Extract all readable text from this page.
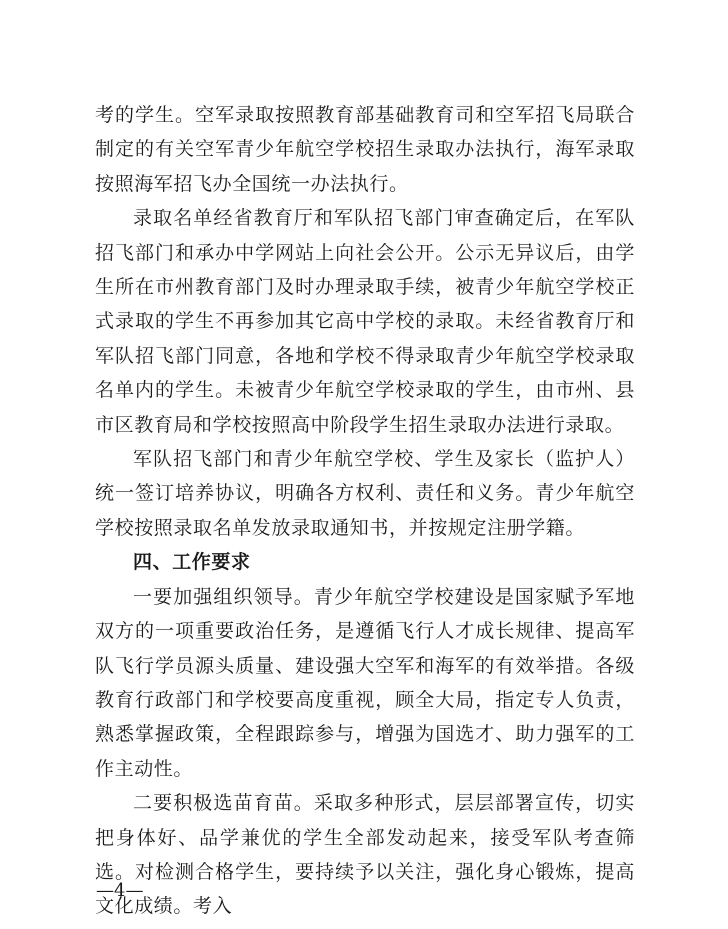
考的学生。空军录取按照教育部基础教育司和空军招飞局联合制定的有关空军青少年航空学校招生录取办法执行，海军录取按照海军招飞办全国统一办法执行。

录取名单经省教育厅和军队招飞部门审查确定后，在军队招飞部门和承办中学网站上向社会公开。公示无异议后，由学生所在市州教育部门及时办理录取手续，被青少年航空学校正式录取的学生不再参加其它高中学校的录取。未经省教育厅和军队招飞部门同意，各地和学校不得录取青少年航空学校录取名单内的学生。未被青少年航空学校录取的学生，由市州、县市区教育局和学校按照高中阶段学生招生录取办法进行录取。

军队招飞部门和青少年航空学校、学生及家长（监护人）统一签订培养协议，明确各方权利、责任和义务。青少年航空学校按照录取名单发放录取通知书，并按规定注册学籍。

四、工作要求

一要加强组织领导。青少年航空学校建设是国家赋予军地双方的一项重要政治任务，是遵循飞行人才成长规律、提高军队飞行学员源头质量、建设强大空军和海军的有效举措。各级教育行政部门和学校要高度重视，顾全大局，指定专人负责，熟悉掌握政策，全程跟踪参与，增强为国选才、助力强军的工作主动性。

二要积极选苗育苗。采取多种形式，层层部署宣传，切实把身体好、品学兼优的学生全部发动起来，接受军队考查筛选。对检测合格学生，要持续予以关注，强化身心锻炼，提高文化成绩。考入

—4—
